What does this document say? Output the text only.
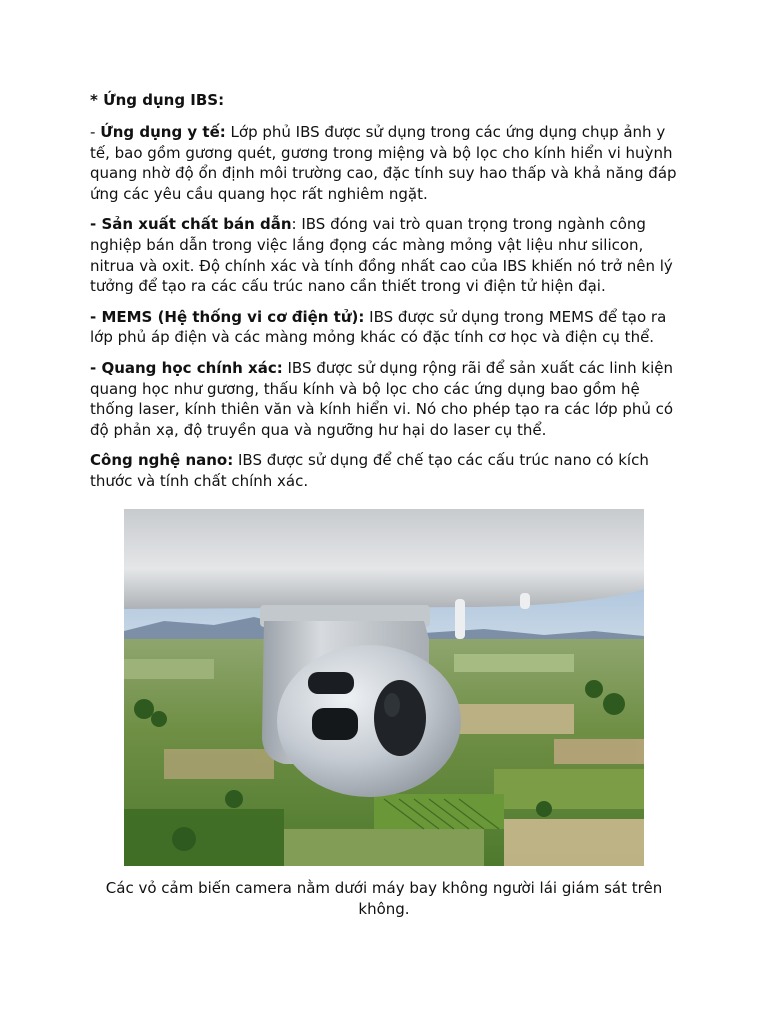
* Ứng dụng IBS:

- Ứng dụng y tế: Lớp phủ IBS được sử dụng trong các ứng dụng chụp ảnh y tế, bao gồm gương quét, gương trong miệng và bộ lọc cho kính hiển vi huỳnh quang nhờ độ ổn định môi trường cao, đặc tính suy hao thấp và khả năng đáp ứng các yêu cầu quang học rất nghiêm ngặt.

- Sản xuất chất bán dẫn: IBS đóng vai trò quan trọng trong ngành công nghiệp bán dẫn trong việc lắng đọng các màng mỏng vật liệu như silicon, nitrua và oxit. Độ chính xác và tính đồng nhất cao của IBS khiến nó trở nên lý tưởng để tạo ra các cấu trúc nano cần thiết trong vi điện tử hiện đại.

- MEMS (Hệ thống vi cơ điện tử): IBS được sử dụng trong MEMS để tạo ra lớp phủ áp điện và các màng mỏng khác có đặc tính cơ học và điện cụ thể.

- Quang học chính xác: IBS được sử dụng rộng rãi để sản xuất các linh kiện quang học như gương, thấu kính và bộ lọc cho các ứng dụng bao gồm hệ thống laser, kính thiên văn và kính hiển vi. Nó cho phép tạo ra các lớp phủ có độ phản xạ, độ truyền qua và ngưỡng hư hại do laser cụ thể.

Công nghệ nano: IBS được sử dụng để chế tạo các cấu trúc nano có kích thước và tính chất chính xác.

Các vỏ cảm biến camera nằm dưới máy bay không người lái giám sát trên không.
